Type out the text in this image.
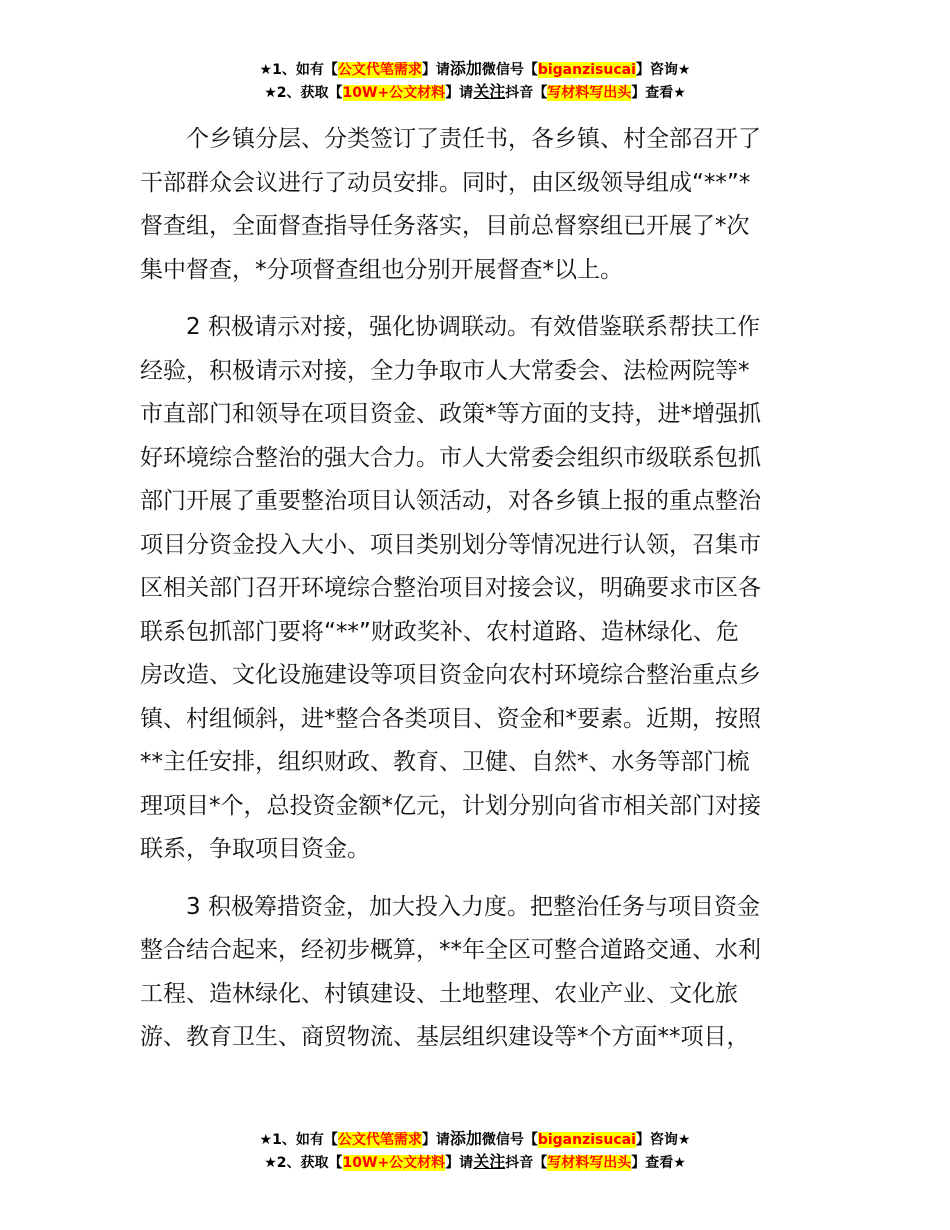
★1、如有【公文代笔需求】请添加微信号【biganzisucai】咨询★
★2、获取【10W+公文材料】请关注抖音【写材料写出头】查看★

个乡镇分层、分类签订了责任书，各乡镇、村全部召开了
干部群众会议进行了动员安排。同时，由区级领导组成“**”*
督查组，全面督查指导任务落实，目前总督察组已开展了*次
集中督查，*分项督查组也分别开展督查*以上。

2 积极请示对接，强化协调联动。有效借鉴联系帮扶工作
经验，积极请示对接，全力争取市人大常委会、法检两院等*
市直部门和领导在项目资金、政策*等方面的支持，进*增强抓
好环境综合整治的强大合力。市人大常委会组织市级联系包抓
部门开展了重要整治项目认领活动，对各乡镇上报的重点整治
项目分资金投入大小、项目类别划分等情况进行认领，召集市
区相关部门召开环境综合整治项目对接会议，明确要求市区各
联系包抓部门要将“**”财政奖补、农村道路、造林绿化、危
房改造、文化设施建设等项目资金向农村环境综合整治重点乡
镇、村组倾斜，进*整合各类项目、资金和*要素。近期，按照
**主任安排，组织财政、教育、卫健、自然*、水务等部门梳
理项目*个，总投资金额*亿元，计划分别向省市相关部门对接
联系，争取项目资金。

3 积极筹措资金，加大投入力度。把整治任务与项目资金
整合结合起来，经初步概算，**年全区可整合道路交通、水利
工程、造林绿化、村镇建设、土地整理、农业产业、文化旅
游、教育卫生、商贸物流、基层组织建设等*个方面**项目，

★1、如有【公文代笔需求】请添加微信号【biganzisucai】咨询★
★2、获取【10W+公文材料】请关注抖音【写材料写出头】查看★
